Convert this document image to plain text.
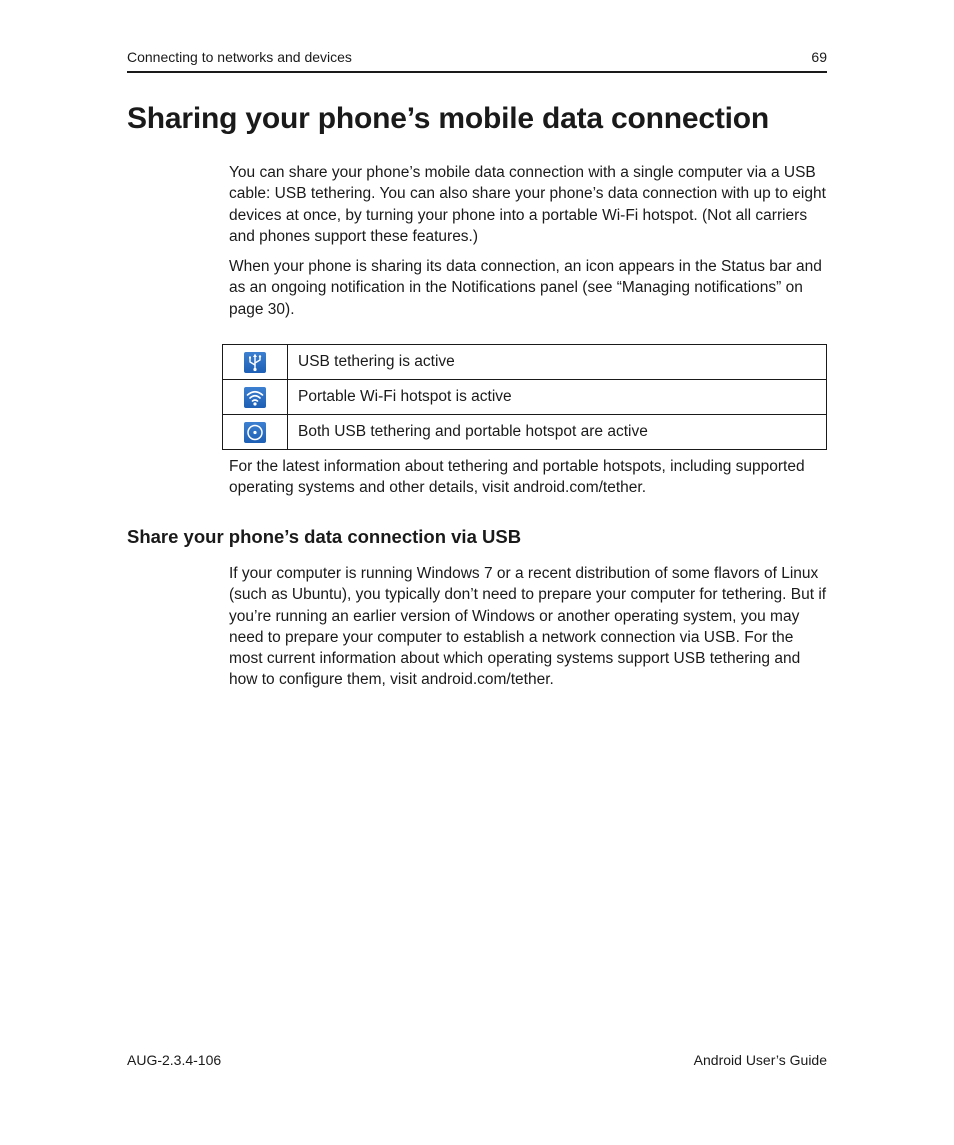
Connecting to networks and devices	69
Sharing your phone’s mobile data connection

You can share your phone’s mobile data connection with a single computer via a USB cable: USB tethering. You can also share your phone’s data connection with up to eight devices at once, by turning your phone into a portable Wi-Fi hotspot. (Not all carriers and phones support these features.)

When your phone is sharing its data connection, an icon appears in the Status bar and as an ongoing notification in the Notifications panel (see “Managing notifications” on page 30).

	USB tethering is active

	Portable Wi-Fi hotspot is active

	Both USB tethering and portable hotspot are active

For the latest information about tethering and portable hotspots, including supported operating systems and other details, visit android.com/tether.

Share your phone’s data connection via USB

If your computer is running Windows 7 or a recent distribution of some flavors of Linux (such as Ubuntu), you typically don’t need to prepare your computer for tethering. But if you’re running an earlier version of Windows or another operating system, you may need to prepare your computer to establish a network connection via USB. For the most current information about which operating systems support USB tethering and how to configure them, visit android.com/tether.

AUG-2.3.4-106	Android User’s Guide
